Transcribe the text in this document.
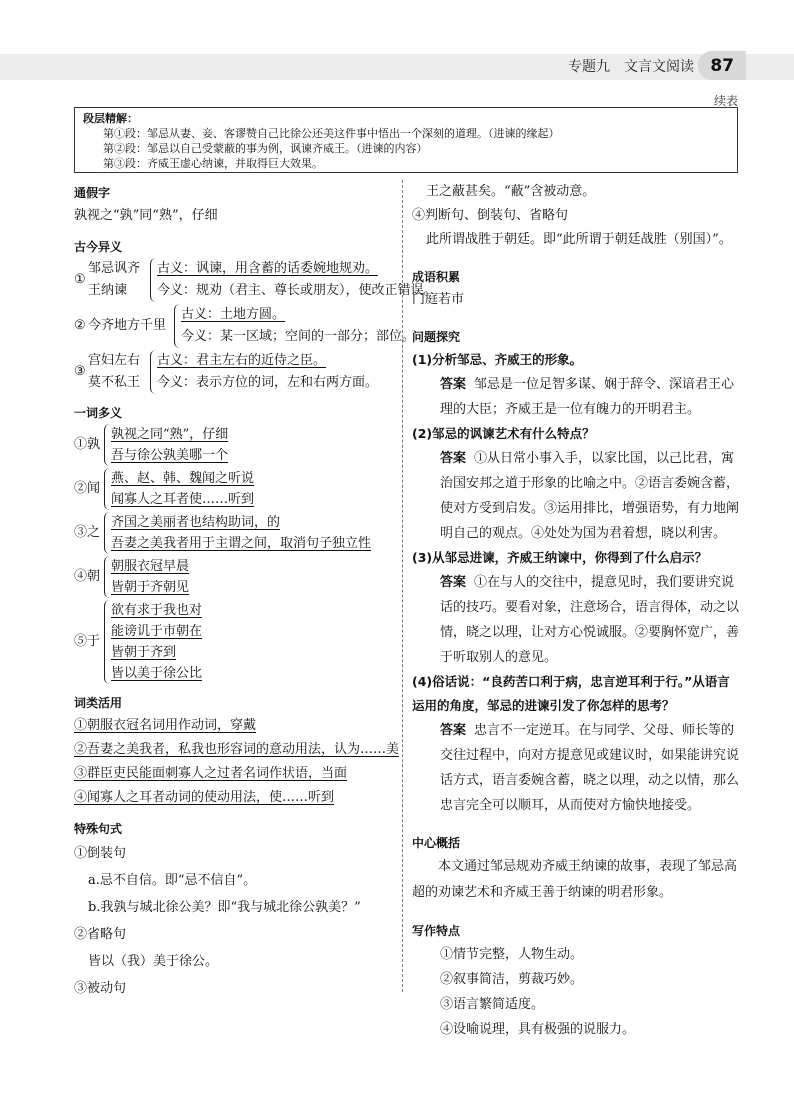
专题九　文言文阅读 87
续表
段层精解：
第①段：邹忌从妻、妾、客谬赞自己比徐公还美这件事中悟出一个深刻的道理。（进谏的缘起）
第②段：邹忌以自己受蒙蔽的事为例，讽谏齐威王。（进谏的内容）
第③段：齐威王虚心纳谏，并取得巨大效果。
通假字
孰视之“孰”同“熟”，仔细
古今异义
①
邹忌讽齐
王纳谏
古义：讽谏，用含蓄的话委婉地规劝。
今义：规劝（君主、尊长或朋友），使改正错误。
② 今齐地方千里
古义：土地方圆。
今义：某一区域；空间的一部分；部位。
③
宫妇左右
莫不私王
古义：君主左右的近侍之臣。
今义：表示方位的词，左和右两方面。
一词多义
①孰
孰视之同“熟”，仔细
吾与徐公孰美哪一个
②闻
燕、赵、韩、魏闻之听说
闻寡人之耳者使……听到
③之
齐国之美丽者也结构助词，的
吾妻之美我者用于主谓之间，取消句子独立性
④朝
朝服衣冠早晨
皆朝于齐朝见
⑤于
欲有求于我也对
能谤讥于市朝在
皆朝于齐到
皆以美于徐公比
词类活用
①朝服衣冠名词用作动词，穿戴
②吾妻之美我者，私我也形容词的意动用法，认为……美
③群臣吏民能面刺寡人之过者名词作状语，当面
④闻寡人之耳者动词的使动用法，使……听到
特殊句式
①倒装句
a.忌不自信。即“忌不信自”。
b.我孰与城北徐公美？即“我与城北徐公孰美？”
②省略句
皆以（我）美于徐公。
③被动句
王之蔽甚矣。“蔽”含被动意。
④判断句、倒装句、省略句
此所谓战胜于朝廷。即“此所谓于朝廷战胜（别国）”。
成语积累
门庭若市
问题探究
(1)分析邹忌、齐威王的形象。
答案 邹忌是一位足智多谋、娴于辞令、深谙君王心理的大臣；齐威王是一位有魄力的开明君主。
(2)邹忌的讽谏艺术有什么特点？
答案 ①从日常小事入手，以家比国，以己比君，寓治国安邦之道于形象的比喻之中。②语言委婉含蓄，使对方受到启发。③运用排比，增强语势，有力地阐明自己的观点。④处处为国为君着想，晓以利害。
(3)从邹忌进谏，齐威王纳谏中，你得到了什么启示？
答案 ①在与人的交往中，提意见时，我们要讲究说话的技巧。要看对象，注意场合，语言得体，动之以情，晓之以理，让对方心悦诚服。②要胸怀宽广，善于听取别人的意见。
(4)俗话说：“良药苦口利于病，忠言逆耳利于行。”从语言运用的角度，邹忌的进谏引发了你怎样的思考？
答案 忠言不一定逆耳。在与同学、父母、师长等的交往过程中，向对方提意见或建议时，如果能讲究说话方式，语言委婉含蓄，晓之以理，动之以情，那么忠言完全可以顺耳，从而使对方愉快地接受。
中心概括
本文通过邹忌规劝齐威王纳谏的故事，表现了邹忌高超的劝谏艺术和齐威王善于纳谏的明君形象。
写作特点
①情节完整，人物生动。
②叙事简洁，剪裁巧妙。
③语言繁简适度。
④设喻说理，具有极强的说服力。
